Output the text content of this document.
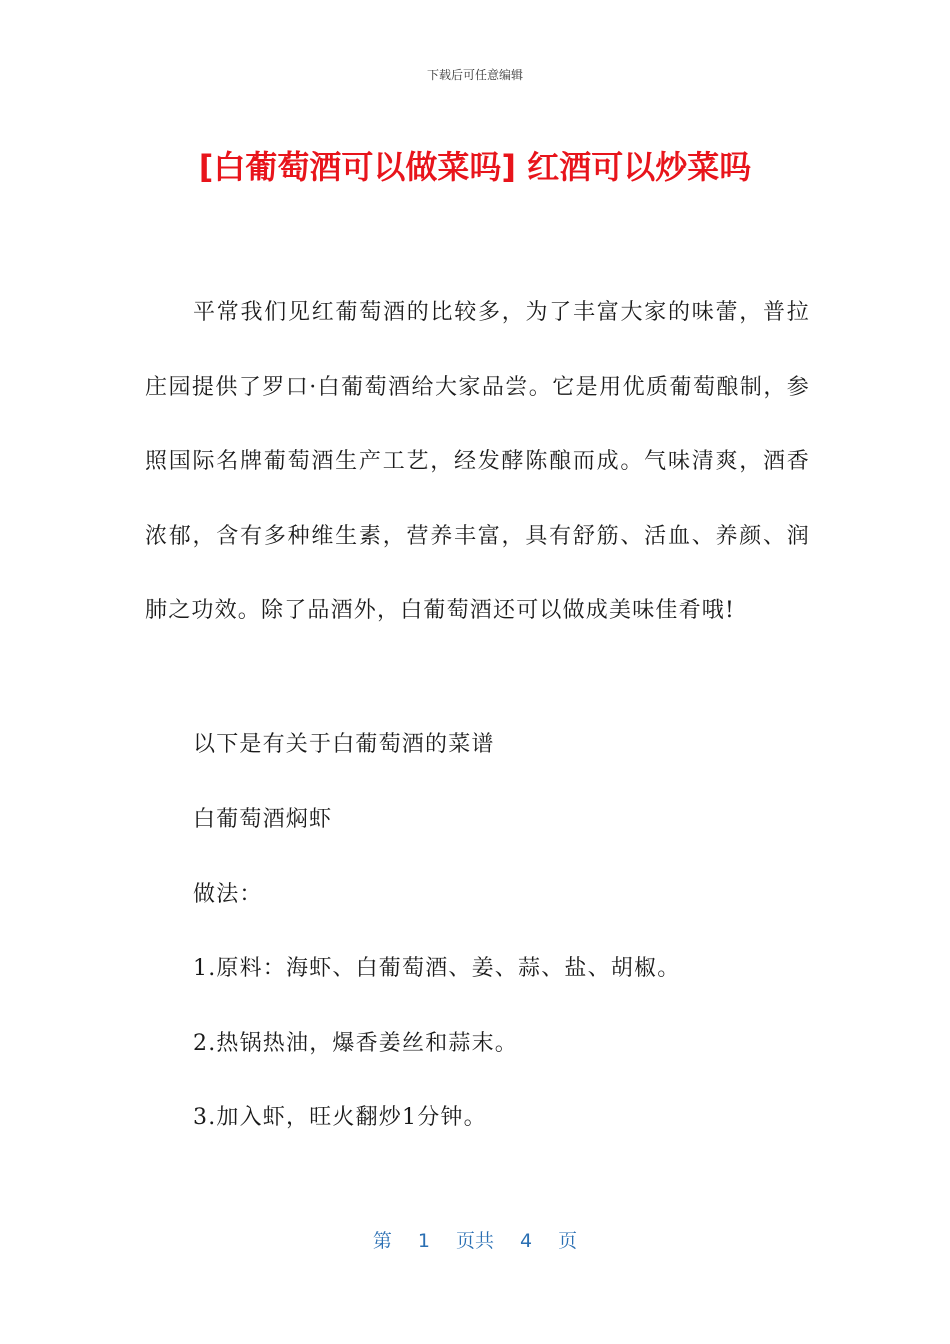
下载后可任意编辑
[白葡萄酒可以做菜吗] 红酒可以炒菜吗
平常我们见红葡萄酒的比较多，为了丰富大家的味蕾，普拉庄园提供了罗口·白葡萄酒给大家品尝。它是用优质葡萄酿制，参照国际名牌葡萄酒生产工艺，经发酵陈酿而成。气味清爽，酒香浓郁，含有多种维生素，营养丰富，具有舒筋、活血、养颜、润肺之功效。除了品酒外，白葡萄酒还可以做成美味佳肴哦!
以下是有关于白葡萄酒的菜谱
白葡萄酒焖虾
做法：
1.原料：海虾、白葡萄酒、姜、蒜、盐、胡椒。
2.热锅热油，爆香姜丝和蒜末。
3.加入虾，旺火翻炒1分钟。
第 1 页共 4 页
